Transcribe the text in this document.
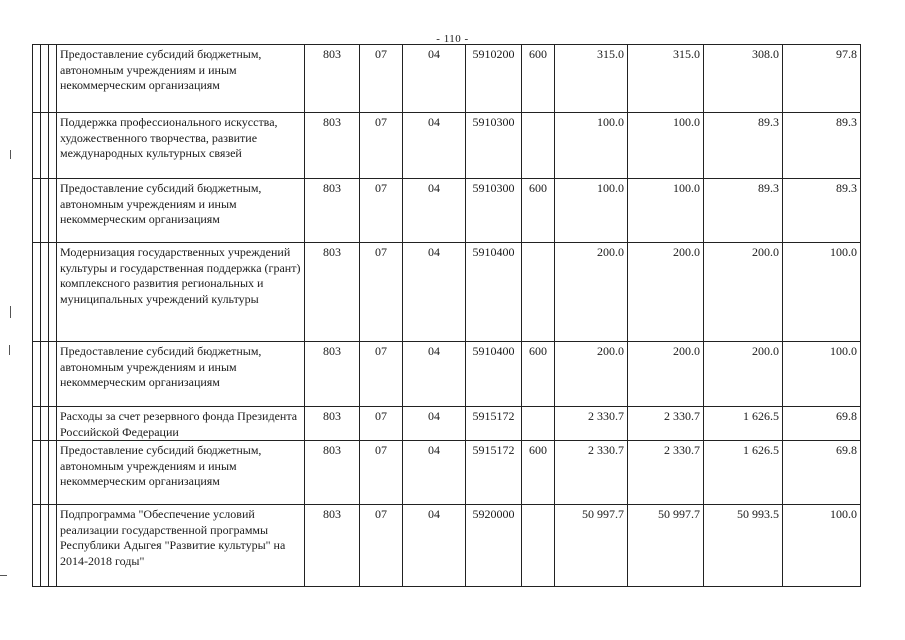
- 110 -
			Предоставление субсидий бюджетным, автономным учреждениям и иным некоммерческим организациям	803	07	04	5910200	600	315.0	315.0	308.0	97.8
			Поддержка профессионального искусства, художественного творчества, развитие международных культурных связей	803	07	04	5910300		100.0	100.0	89.3	89.3
			Предоставление субсидий бюджетным, автономным учреждениям и иным некоммерческим организациям	803	07	04	5910300	600	100.0	100.0	89.3	89.3
			Модернизация государственных учреждений культуры и государственная поддержка (грант) комплексного развития региональных и муниципальных учреждений культуры	803	07	04	5910400		200.0	200.0	200.0	100.0
			Предоставление субсидий бюджетным, автономным учреждениям и иным некоммерческим организациям	803	07	04	5910400	600	200.0	200.0	200.0	100.0
			Расходы за счет резервного фонда Президента Российской Федерации	803	07	04	5915172		2 330.7	2 330.7	1 626.5	69.8
			Предоставление субсидий бюджетным, автономным учреждениям и иным некоммерческим организациям	803	07	04	5915172	600	2 330.7	2 330.7	1 626.5	69.8
			Подпрограмма "Обеспечение условий реализации государственной программы Республики Адыгея "Развитие культуры" на 2014-2018 годы"	803	07	04	5920000		50 997.7	50 997.7	50 993.5	100.0
